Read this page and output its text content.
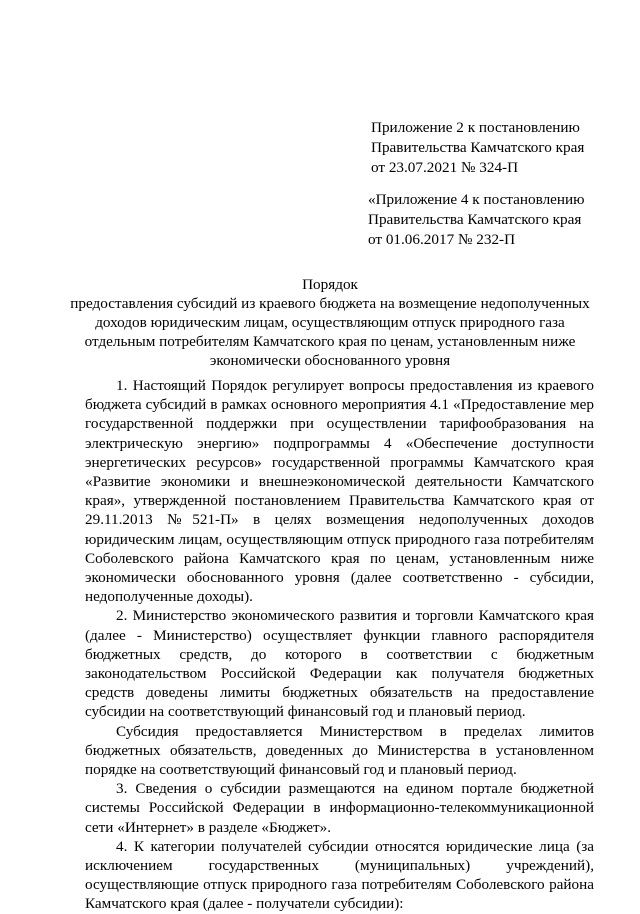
Приложение 2 к постановлению
Правительства Камчатского края
от 23.07.2021 № 324-П
«Приложение 4 к постановлению
Правительства Камчатского края
от 01.06.2017 № 232-П
Порядок
предоставления субсидий из краевого бюджета на возмещение недополученных
доходов юридическим лицам, осуществляющим отпуск природного газа
отдельным потребителям Камчатского края по ценам, установленным ниже
экономически обоснованного уровня

1. Настоящий Порядок регулирует вопросы предоставления из краевого бюджета субсидий в рамках основного мероприятия 4.1 «Предоставление мер государственной поддержки при осуществлении тарифообразования на электрическую энергию» подпрограммы 4 «Обеспечение доступности энергетических ресурсов» государственной программы Камчатского края «Развитие экономики и внешнеэкономической деятельности Камчатского края», утвержденной постановлением Правительства Камчатского края от 29.11.2013 №521-П» в целях возмещения недополученных доходов юридическим лицам, осуществляющим отпуск природного газа потребителям Соболевского района Камчатского края по ценам, установленным ниже экономически обоснованного уровня (далее соответственно - субсидии, недополученные доходы).

2. Министерство экономического развития и торговли Камчатского края (далее - Министерство) осуществляет функции главного распорядителя бюджетных средств, до которого в соответствии с бюджетным законодательством Российской Федерации как получателя бюджетных средств доведены лимиты бюджетных обязательств на предоставление субсидии на соответствующий финансовый год и плановый период.

Субсидия предоставляется Министерством в пределах лимитов бюджетных обязательств, доведенных до Министерства в установленном порядке на соответствующий финансовый год и плановый период.

3. Сведения о субсидии размещаются на едином портале бюджетной системы Российской Федерации в информационно-телекоммуникационной сети «Интернет» в разделе «Бюджет».

4. К категории получателей субсидии относятся юридические лица (за исключением государственных (муниципальных) учреждений), осуществляющие отпуск природного газа потребителям Соболевского района Камчатского края (далее - получатели субсидии):
